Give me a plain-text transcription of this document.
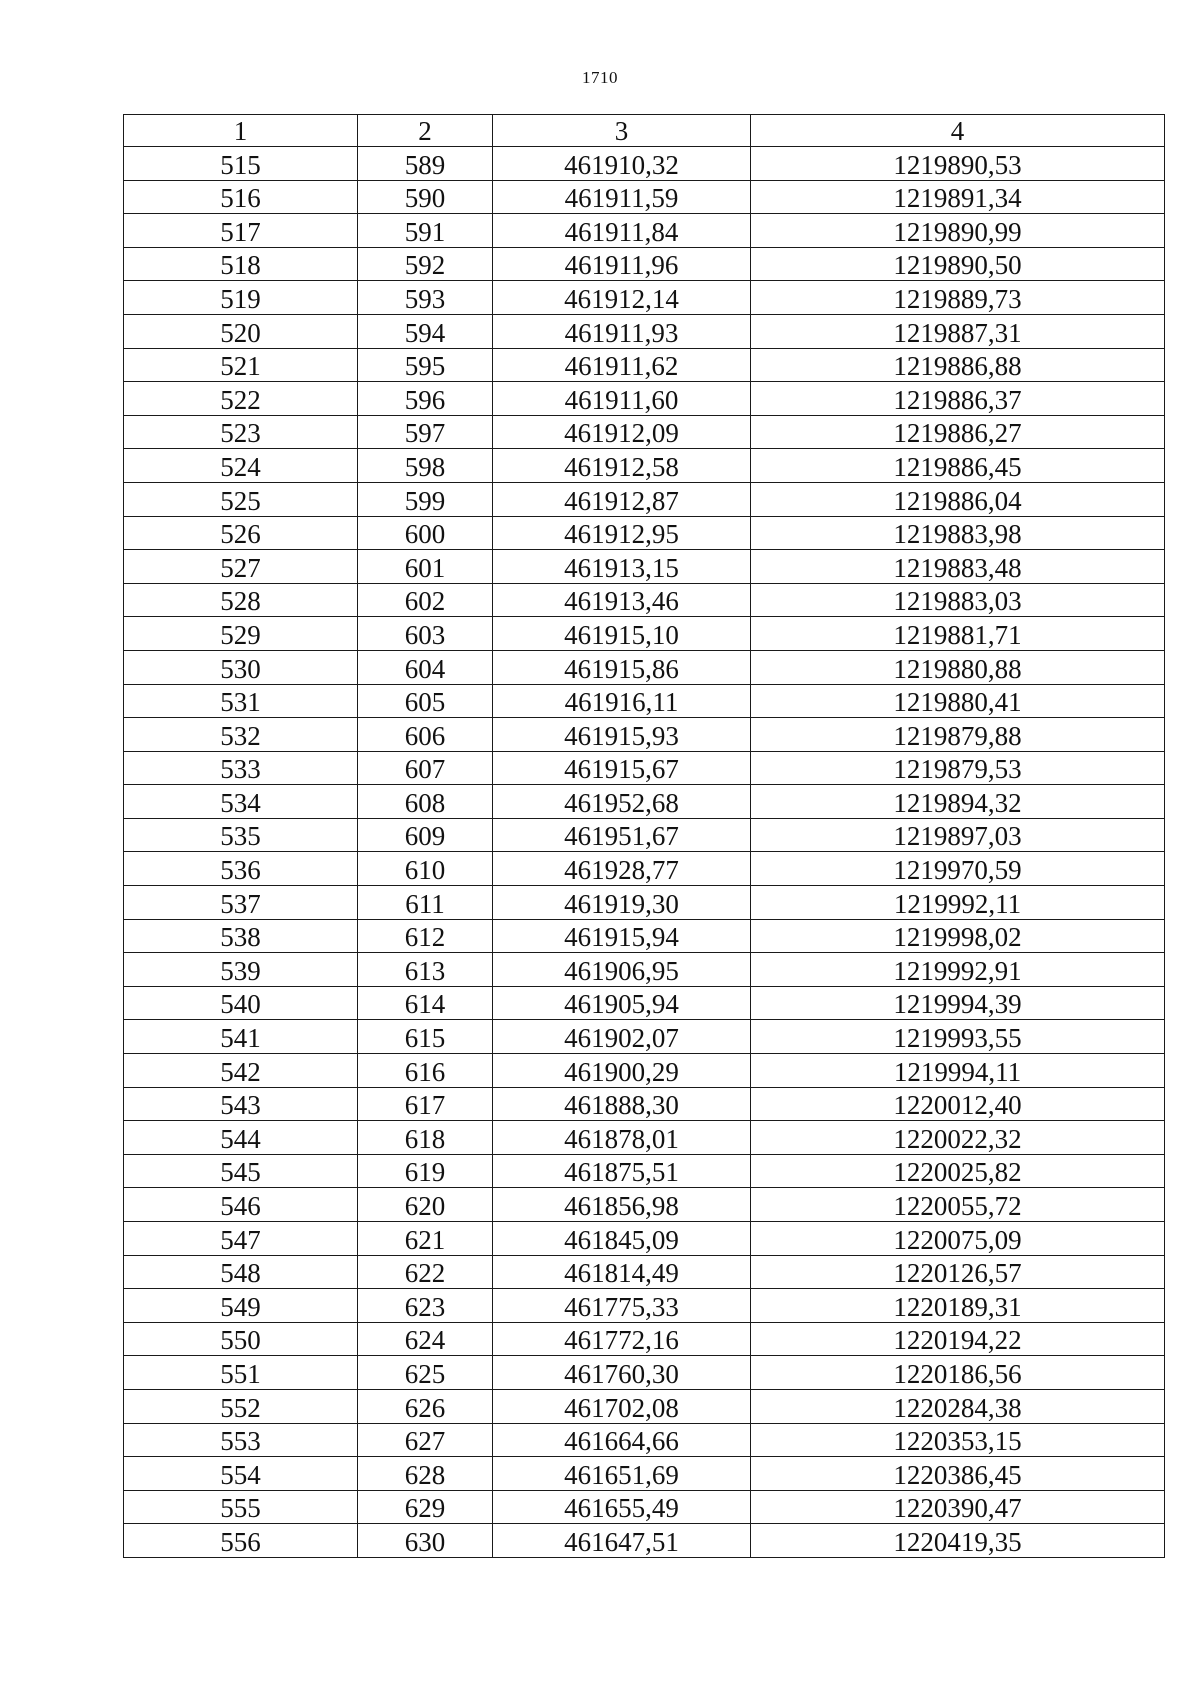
1710
1	2	3	4
515	589	461910,32	1219890,53
516	590	461911,59	1219891,34
517	591	461911,84	1219890,99
518	592	461911,96	1219890,50
519	593	461912,14	1219889,73
520	594	461911,93	1219887,31
521	595	461911,62	1219886,88
522	596	461911,60	1219886,37
523	597	461912,09	1219886,27
524	598	461912,58	1219886,45
525	599	461912,87	1219886,04
526	600	461912,95	1219883,98
527	601	461913,15	1219883,48
528	602	461913,46	1219883,03
529	603	461915,10	1219881,71
530	604	461915,86	1219880,88
531	605	461916,11	1219880,41
532	606	461915,93	1219879,88
533	607	461915,67	1219879,53
534	608	461952,68	1219894,32
535	609	461951,67	1219897,03
536	610	461928,77	1219970,59
537	611	461919,30	1219992,11
538	612	461915,94	1219998,02
539	613	461906,95	1219992,91
540	614	461905,94	1219994,39
541	615	461902,07	1219993,55
542	616	461900,29	1219994,11
543	617	461888,30	1220012,40
544	618	461878,01	1220022,32
545	619	461875,51	1220025,82
546	620	461856,98	1220055,72
547	621	461845,09	1220075,09
548	622	461814,49	1220126,57
549	623	461775,33	1220189,31
550	624	461772,16	1220194,22
551	625	461760,30	1220186,56
552	626	461702,08	1220284,38
553	627	461664,66	1220353,15
554	628	461651,69	1220386,45
555	629	461655,49	1220390,47
556	630	461647,51	1220419,35
